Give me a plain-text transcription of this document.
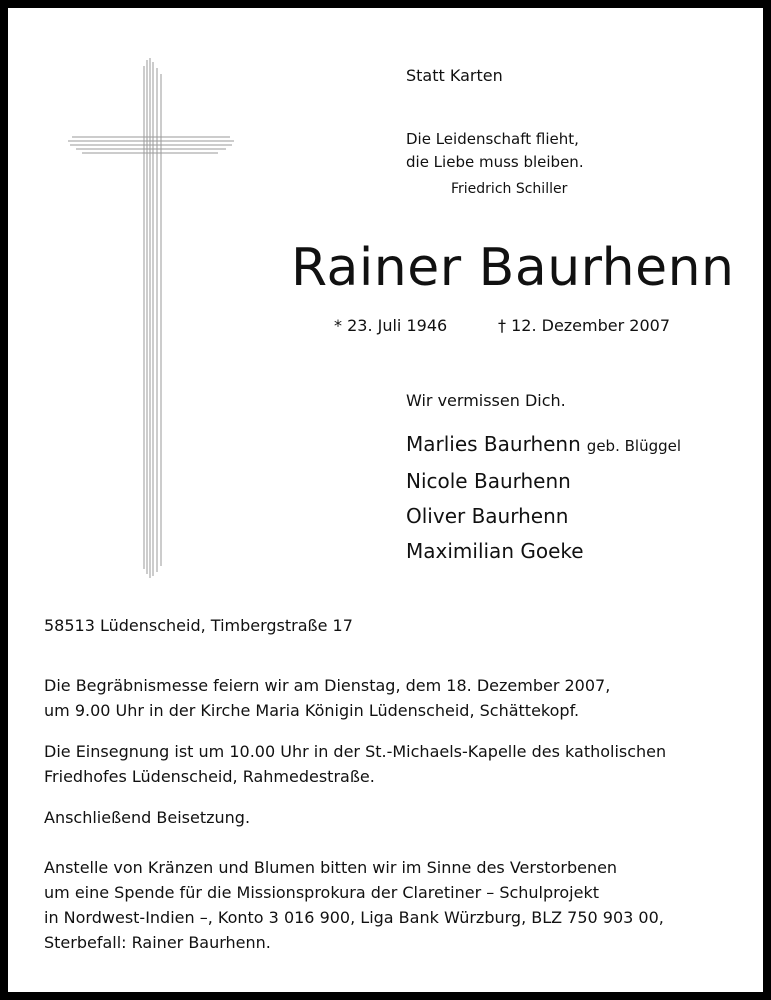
Statt Karten
Die Leidenschaft flieht,
die Liebe muss bleiben.
Friedrich Schiller
Rainer Baurhenn
* 23. Juli 1946	† 12. Dezember 2007
Wir vermissen Dich.
Marlies Baurhenn geb. Blüggel
Nicole Baurhenn
Oliver Baurhenn
Maximilian Goeke
58513 Lüdenscheid, Timbergstraße 17
Die Begräbnismesse feiern wir am Dienstag, dem 18. Dezember 2007,
um 9.00 Uhr in der Kirche Maria Königin Lüdenscheid, Schättekopf.
Die Einsegnung ist um 10.00 Uhr in der St.-Michaels-Kapelle des katholischen
Friedhofes Lüdenscheid, Rahmedestraße.
Anschließend Beisetzung.
Anstelle von Kränzen und Blumen bitten wir im Sinne des Verstorbenen
um eine Spende für die Missionsprokura der Claretiner – Schulprojekt
in Nordwest-Indien –, Konto 3 016 900, Liga Bank Würzburg, BLZ 750 903 00,
Sterbefall: Rainer Baurhenn.
